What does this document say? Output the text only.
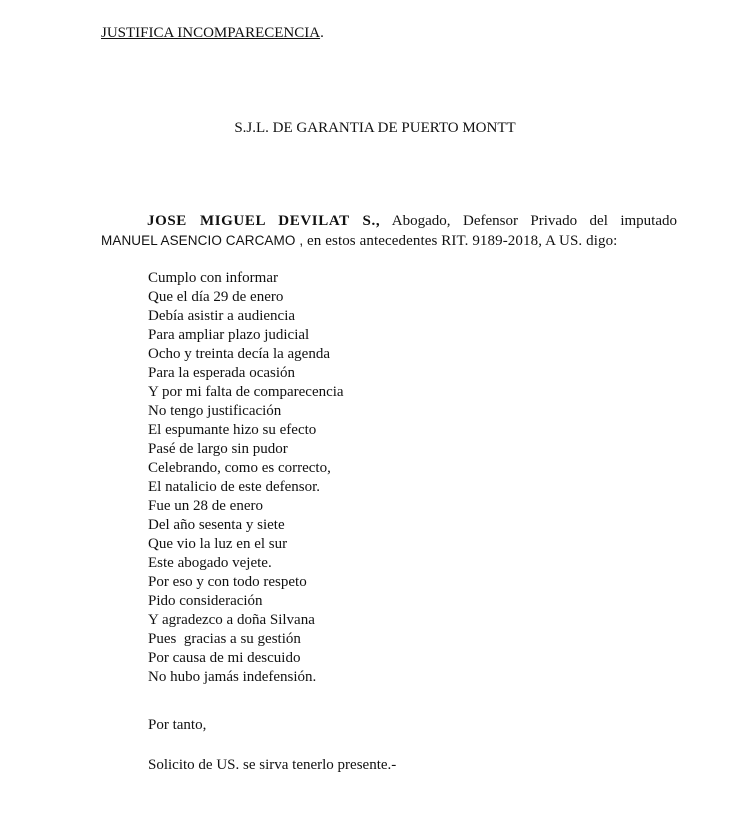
JUSTIFICA INCOMPARECENCIA.
S.J.L. DE GARANTIA DE PUERTO MONTT
JOSE MIGUEL DEVILAT S., Abogado, Defensor Privado del imputado
MANUEL ASENCIO CARCAMO , en estos antecedentes RIT. 9189-2018, A US. digo:
Cumplo con informar
Que el día 29 de enero
Debía asistir a audiencia
Para ampliar plazo judicial
Ocho y treinta decía la agenda
Para la esperada ocasión
Y por mi falta de comparecencia
No tengo justificación
El espumante hizo su efecto
Pasé de largo sin pudor
Celebrando, como es correcto,
El natalicio de este defensor.
Fue un 28 de enero
Del año sesenta y siete
Que vio la luz en el sur
Este abogado vejete.
Por eso y con todo respeto
Pido consideración
Y agradezco a doña Silvana
Pues  gracias a su gestión
Por causa de mi descuido
No hubo jamás indefensión.
Por tanto,
Solicito de US. se sirva tenerlo presente.-
